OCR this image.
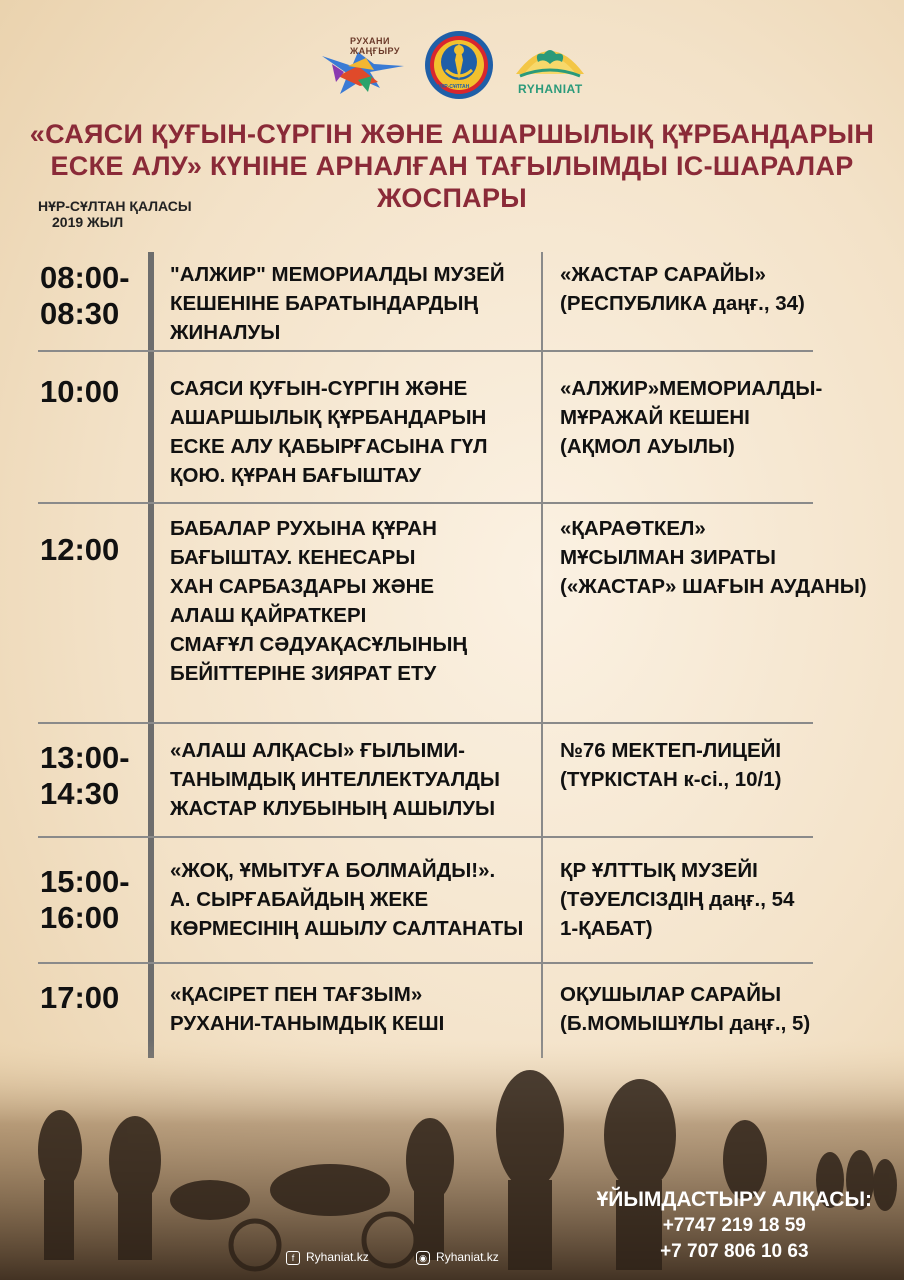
РУХАНИ ЖАҢҒЫРУ
НҰР-СҰЛТАН	RYHANIAT
«САЯСИ ҚУҒЫН-СҮРГІН ЖӘНЕ АШАРШЫЛЫҚ ҚҰРБАНДАРЫН
ЕСКЕ АЛУ» КҮНІНЕ АРНАЛҒАН ТАҒЫЛЫМДЫ ІС-ШАРАЛАР ЖОСПАРЫ
НҰР-СҰЛТАН ҚАЛАСЫ
2019 ЖЫЛ
08:00-
08:30
"АЛЖИР" МЕМОРИАЛДЫ МУЗЕЙ
КЕШЕНІНЕ БАРАТЫНДАРДЫҢ
ЖИНАЛУЫ
«ЖАСТАР САРАЙЫ»
(РЕСПУБЛИКА даңғ., 34)
10:00 САЯСИ ҚУҒЫН-СҮРГІН ЖӘНЕ
АШАРШЫЛЫҚ ҚҰРБАНДАРЫН
ЕСКЕ АЛУ ҚАБЫРҒАСЫНА ГҮЛ
ҚОЮ. ҚҰРАН БАҒЫШТАУ
«АЛЖИР»МЕМОРИАЛДЫ-
МҰРАЖАЙ КЕШЕНІ
(АҚМОЛ АУЫЛЫ)
12:00
БАБАЛАР РУХЫНА ҚҰРАН
БАҒЫШТАУ. КЕНЕСАРЫ
ХАН САРБАЗДАРЫ ЖӘНЕ
АЛАШ ҚАЙРАТКЕРІ
СМАҒҰЛ СӘДУАҚАСҰЛЫНЫҢ
БЕЙІТТЕРІНЕ ЗИЯРАТ ЕТУ
«ҚАРАӨТКЕЛ»
МҰСЫЛМАН ЗИРАТЫ
(«ЖАСТАР» ШАҒЫН АУДАНЫ)
13:00-
14:30
«АЛАШ АЛҚАСЫ» ҒЫЛЫМИ-
ТАНЫМДЫҚ ИНТЕЛЛЕКТУАЛДЫ
ЖАСТАР КЛУБЫНЫҢ АШЫЛУЫ
№76 МЕКТЕП-ЛИЦЕЙІ
(ТҮРКІСТАН к-сі., 10/1)
15:00-
16:00
«ЖОҚ, ҰМЫТУҒА БОЛМАЙДЫ!».
А. СЫРҒАБАЙДЫҢ ЖЕКЕ
КӨРМЕСІНІҢ АШЫЛУ САЛТАНАТЫ
ҚР ҰЛТТЫҚ МУЗЕЙІ
(ТӘУЕЛСІЗДІҢ даңғ., 54
1-ҚАБАТ)
17:00 «ҚАСІРЕТ ПЕН ТАҒЗЫМ»
РУХАНИ-ТАНЫМДЫҚ КЕШІ
ОҚУШЫЛАР САРАЙЫ
(Б.МОМЫШҰЛЫ даңғ., 5)
ҰЙЫМДАСТЫРУ АЛҚАСЫ:
+7747 219 18 59
+7 707 806 10 63
f Ryhaniat.kz	◉ Ryhaniat.kz
